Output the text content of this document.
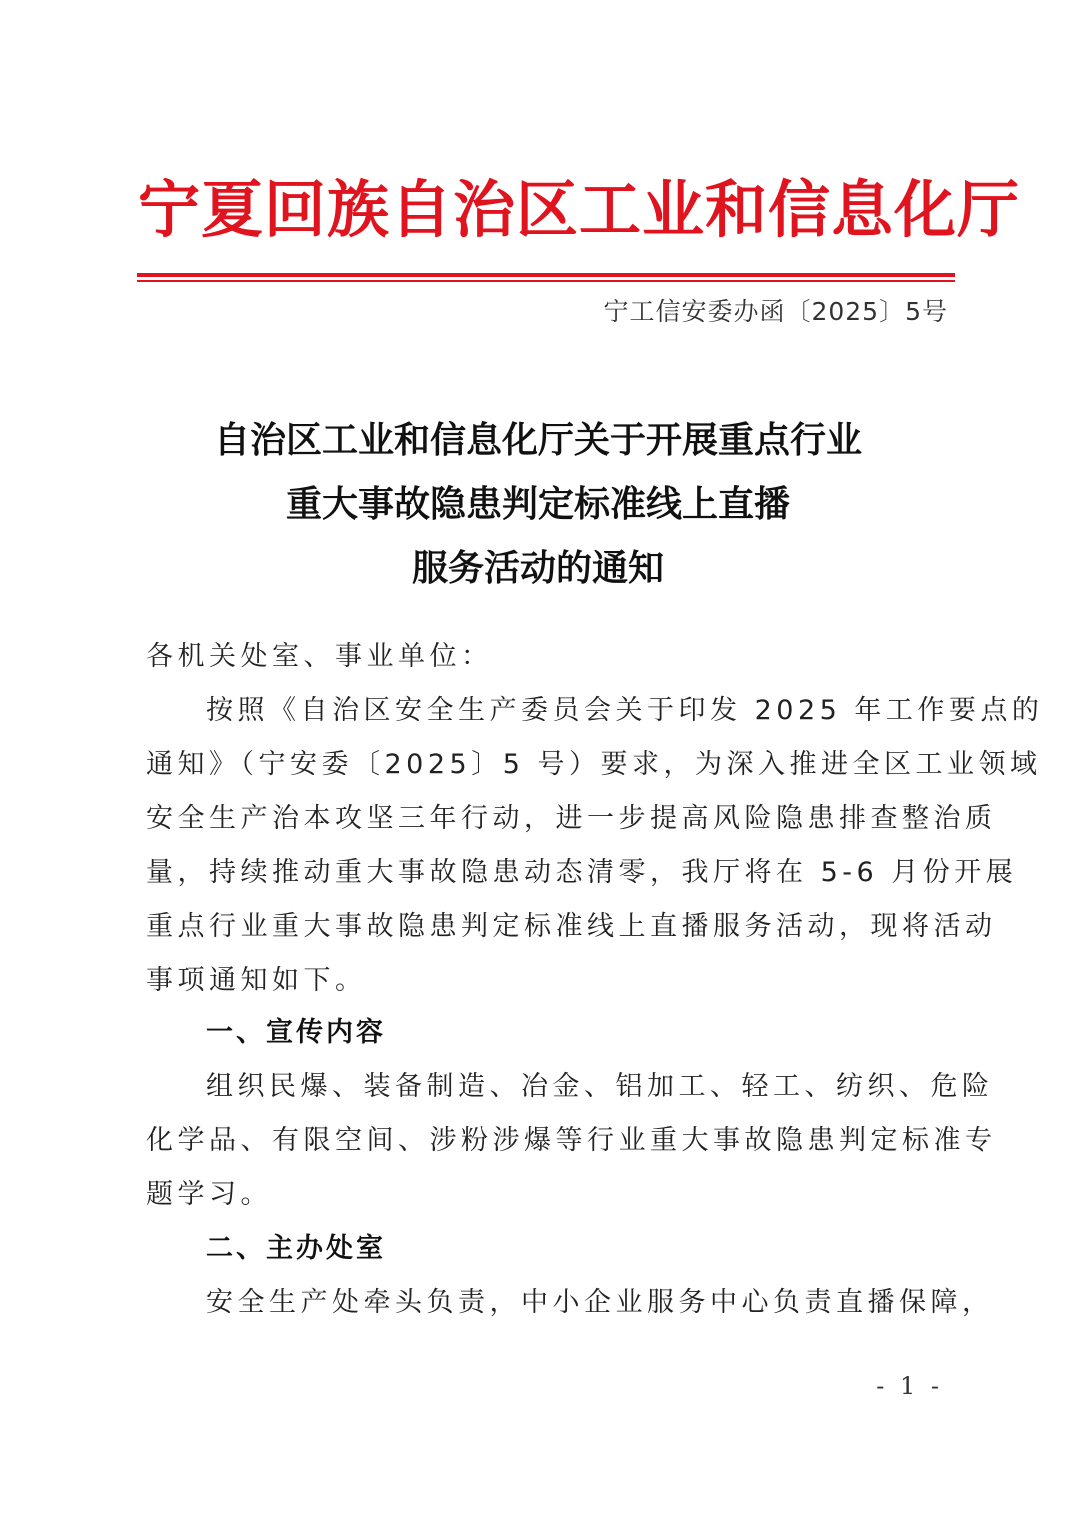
宁夏回族自治区工业和信息化厅
宁工信安委办函〔2025〕5号
自治区工业和信息化厅关于开展重点行业
重大事故隐患判定标准线上直播
服务活动的通知
各机关处室、事业单位：
按照《自治区安全生产委员会关于印发 2025 年工作要点的
通知》（宁安委〔2025〕5 号）要求，为深入推进全区工业领域
安全生产治本攻坚三年行动，进一步提高风险隐患排查整治质
量，持续推动重大事故隐患动态清零，我厅将在 5-6 月份开展
重点行业重大事故隐患判定标准线上直播服务活动，现将活动
事项通知如下。
一、宣传内容
组织民爆、装备制造、冶金、铝加工、轻工、纺织、危险
化学品、有限空间、涉粉涉爆等行业重大事故隐患判定标准专
题学习。
二、主办处室
安全生产处牵头负责，中小企业服务中心负责直播保障，
- 1 -
